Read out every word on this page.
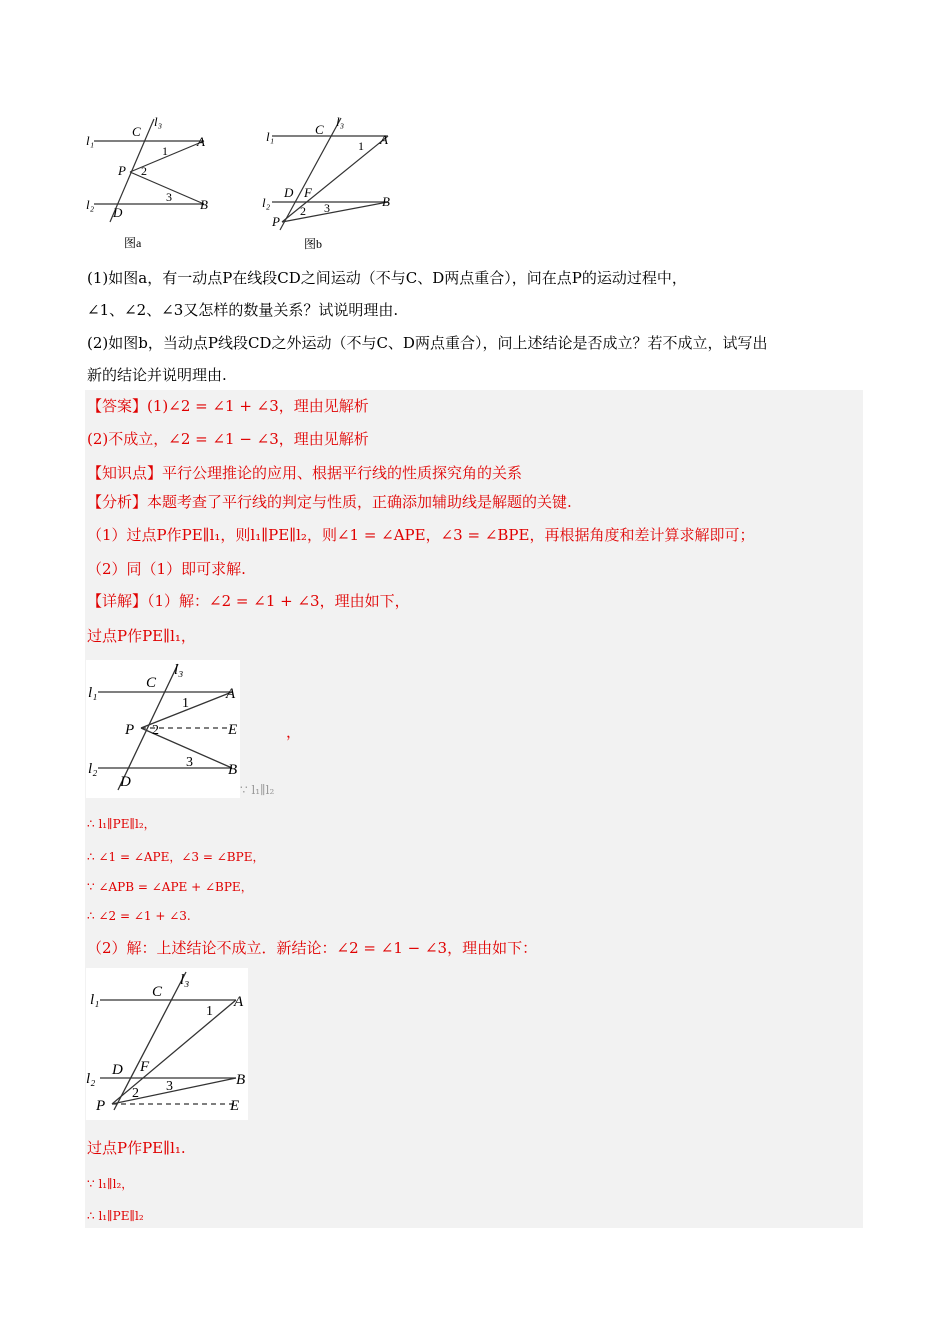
l₁
l₂
l₃
C
A
P
B
D
1
2
3
图a
l₁
l₂
l₃
C
A
D F
B
P
1
2 3
图b
(1)如图a，有一动点P在线段CD之间运动（不与C、D两点重合），问在点P的运动过程中，
∠1、∠2、∠3又怎样的数量关系？试说明理由.
(2)如图b，当动点P线段CD之外运动（不与C、D两点重合），问上述结论是否成立？若不成立，试写出
新的结论并说明理由.
【答案】(1)∠2 = ∠1 + ∠3，理由见解析
(2)不成立，∠2 = ∠1 − ∠3，理由见解析
【知识点】平行公理推论的应用、根据平行线的性质探究角的关系
【分析】本题考查了平行线的判定与性质，正确添加辅助线是解题的关键.
（1）过点P作PE∥l₁，则l₁∥PE∥l₂，则∠1 = ∠APE，∠3 = ∠BPE，再根据角度和差计算求解即可；
（2）同（1）即可求解.
【详解】（1）解：∠2 = ∠1 + ∠3，理由如下，
过点P作PE∥l₁，
l₁
l₂
l₃
C
A
P	E
B
D
1
2
3
，
∵ l₁∥l₂
∴ l₁∥PE∥l₂，
∴ ∠1 = ∠APE，∠3 = ∠BPE，
∵ ∠APB = ∠APE + ∠BPE，
∴ ∠2 = ∠1 + ∠3.
（2）解：上述结论不成立．新结论：∠2 = ∠1 − ∠3，理由如下：
l₁
l₂
l₃
C
A
D F
B
P	E
1
2 3
过点P作PE∥l₁.
∵ l₁∥l₂，
∴ l₁∥PE∥l₂
